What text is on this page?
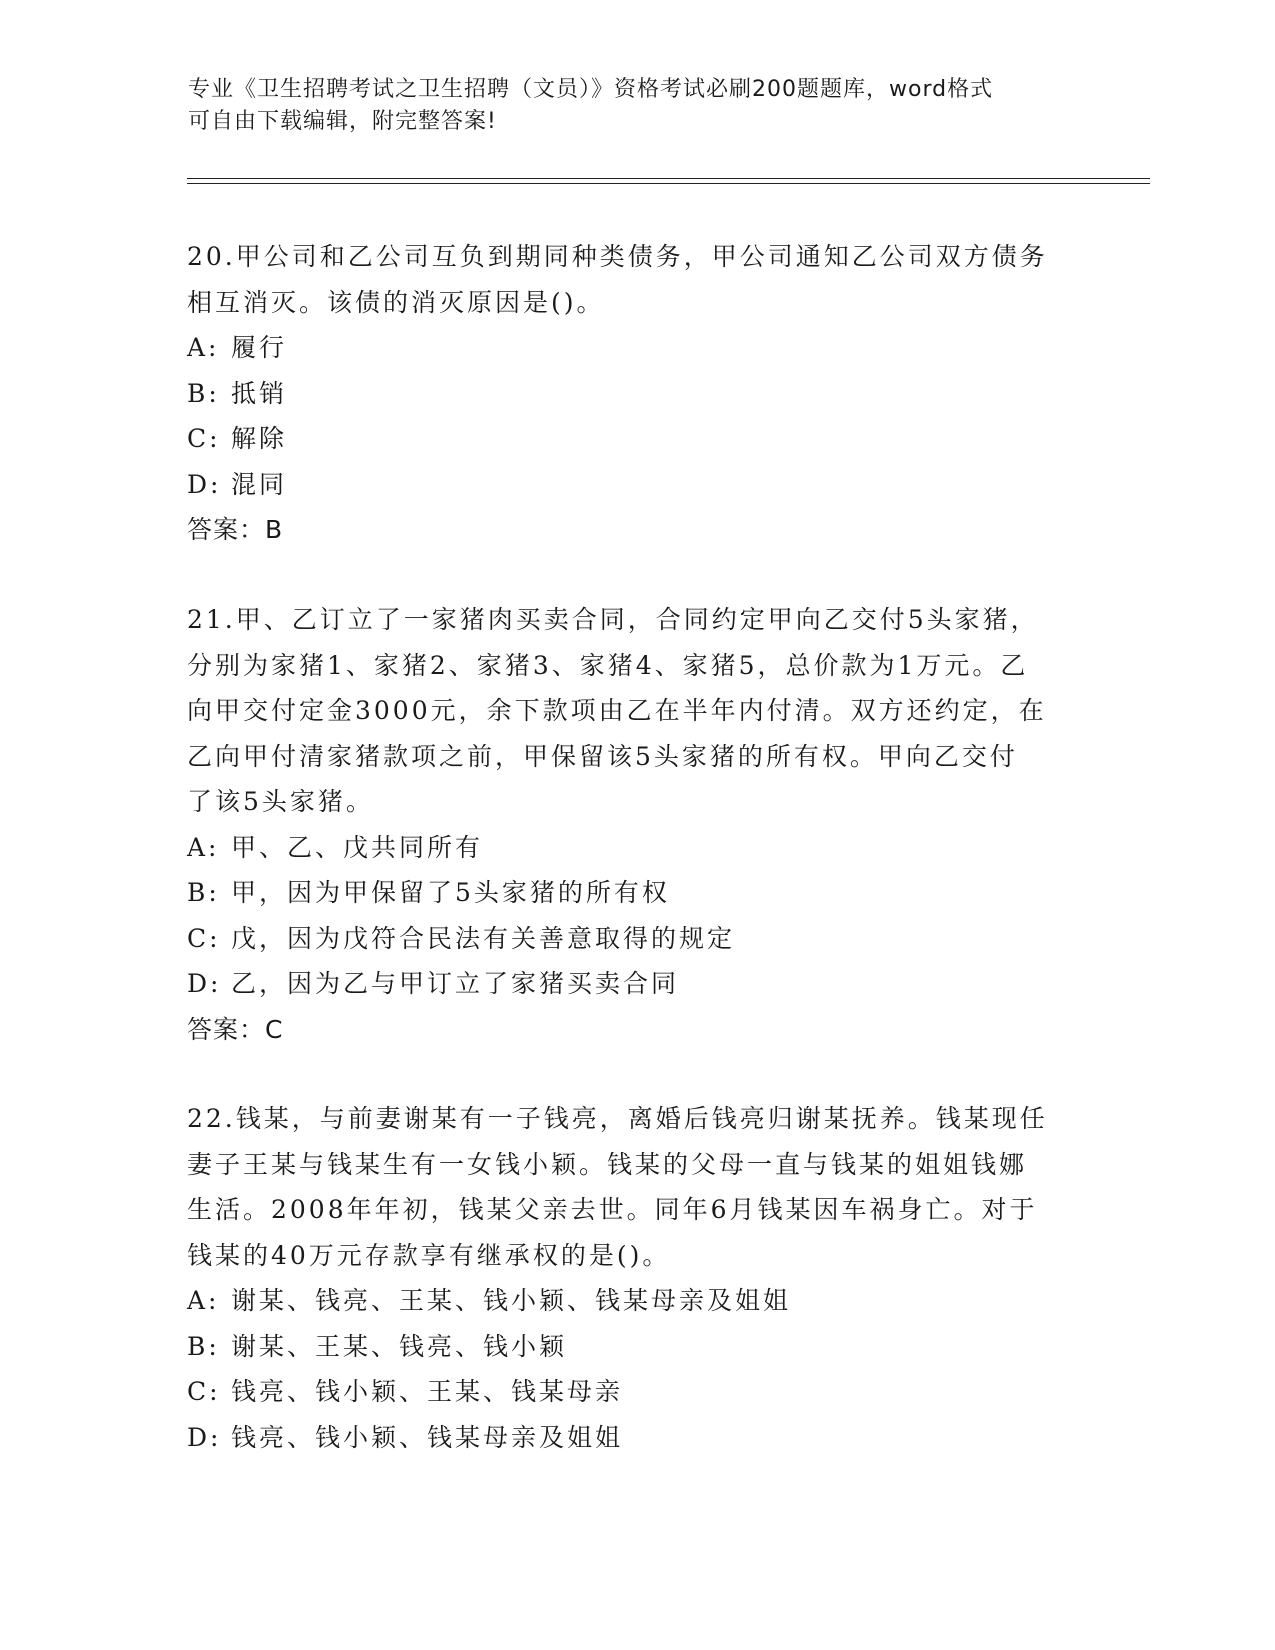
专业《卫生招聘考试之卫生招聘（文员）》资格考试必刷200题题库，word格式
可自由下载编辑，附完整答案!
20.甲公司和乙公司互负到期同种类债务，甲公司通知乙公司双方债务
相互消灭。该债的消灭原因是()。
A: 履行
B: 抵销
C: 解除
D: 混同
答案：B
21.甲、乙订立了一家猪肉买卖合同，合同约定甲向乙交付5头家猪，
分别为家猪1、家猪2、家猪3、家猪4、家猪5，总价款为1万元。乙
向甲交付定金3000元，余下款项由乙在半年内付清。双方还约定，在
乙向甲付清家猪款项之前，甲保留该5头家猪的所有权。甲向乙交付
了该5头家猪。
A: 甲、乙、戊共同所有
B: 甲，因为甲保留了5头家猪的所有权
C: 戊，因为戊符合民法有关善意取得的规定
D: 乙，因为乙与甲订立了家猪买卖合同
答案：C
22.钱某，与前妻谢某有一子钱亮，离婚后钱亮归谢某抚养。钱某现任
妻子王某与钱某生有一女钱小颖。钱某的父母一直与钱某的姐姐钱娜
生活。2008年年初，钱某父亲去世。同年6月钱某因车祸身亡。对于
钱某的40万元存款享有继承权的是()。
A: 谢某、钱亮、王某、钱小颖、钱某母亲及姐姐
B: 谢某、王某、钱亮、钱小颖
C: 钱亮、钱小颖、王某、钱某母亲
D: 钱亮、钱小颖、钱某母亲及姐姐
